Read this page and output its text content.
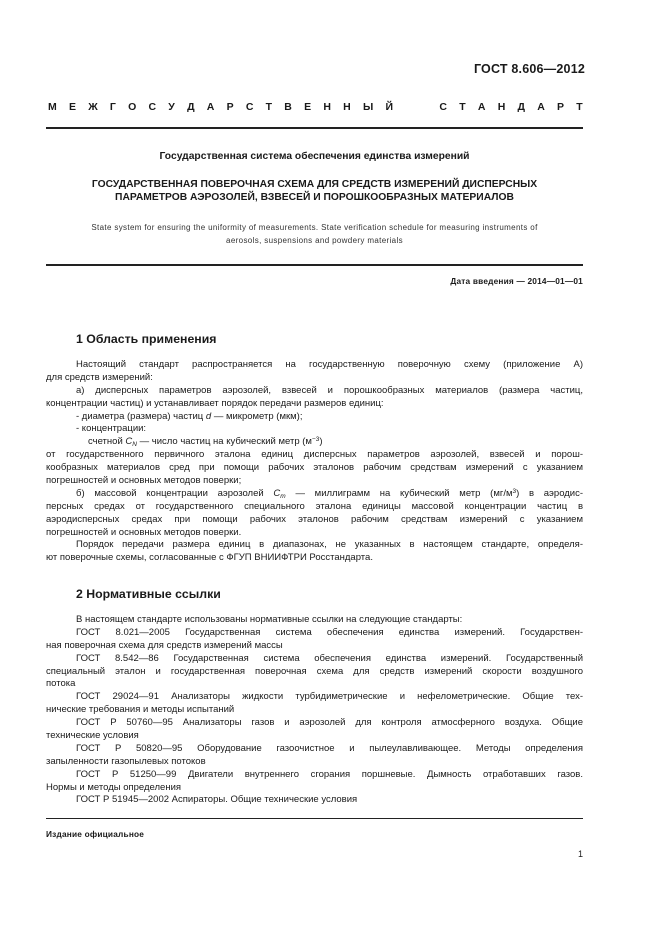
ГОСТ 8.606—2012
М Е Ж Г О С У Д А Р С Т В Е Н Н Ы Й	С Т А Н Д А Р Т
Государственная система обеспечения единства измерений
ГОСУДАРСТВЕННАЯ ПОВЕРОЧНАЯ СХЕМА ДЛЯ СРЕДСТВ ИЗМЕРЕНИЙ ДИСПЕРСНЫХ
ПАРАМЕТРОВ АЭРОЗОЛЕЙ, ВЗВЕСЕЙ И ПОРОШКООБРАЗНЫХ МАТЕРИАЛОВ
State system for ensuring the uniformity of measurements. State verification schedule for measuring instruments of
aerosols, suspensions and powdery materials
Дата введения — 2014—01—01
1 Область применения
Настоящий стандарт распространяется на государственную поверочную схему (приложение А)
для средств измерений:
а) дисперсных параметров аэрозолей, взвесей и порошкообразных материалов (размера частиц,
концентрации частиц) и устанавливает порядок передачи размеров единиц:
- диаметра (размера) частиц d — микрометр (мкм);
- концентрации:
счетной $C_N$ — число частиц на кубический метр $(м^{-3})$
от государственного первичного эталона единиц дисперсных параметров аэрозолей, взвесей и порош-
кообразных материалов сред при помощи рабочих эталонов рабочим средствам измерений с указанием
погрешностей и основных методов поверки;
б) массовой концентрации аэрозолей $C_m$ — миллиграмм на кубический метр $(мг/м^3)$ в аэродис-
персных средах от государственного специального эталона единицы массовой концентрации частиц в
аэродисперсных средах при помощи рабочих эталонов рабочим средствам измерений с указанием
погрешностей и основных методов поверки.
Порядок передачи размера единиц в диапазонах, не указанных в настоящем стандарте, определя-
ют поверочные схемы, согласованные с ФГУП ВНИИФТРИ Росстандарта.
2 Нормативные ссылки
В настоящем стандарте использованы нормативные ссылки на следующие стандарты:
ГОСТ 8.021—2005 Государственная система обеспечения единства измерений. Государствен-
ная поверочная схема для средств измерений массы
ГОСТ 8.542—86 Государственная система обеспечения единства измерений. Государственный
специальный эталон и государственная поверочная схема для средств измерений скорости воздушного
потока
ГОСТ 29024—91 Анализаторы жидкости турбидиметрические и нефелометрические. Общие тех-
нические требования и методы испытаний
ГОСТ Р 50760—95 Анализаторы газов и аэрозолей для контроля атмосферного воздуха. Общие
технические условия
ГОСТ Р 50820—95 Оборудование газоочистное и пылеулавливающее. Методы определения
запыленности газопылевых потоков
ГОСТ Р 51250—99 Двигатели внутреннего сгорания поршневые. Дымность отработавших газов.
Нормы и методы определения
ГОСТ Р 51945—2002 Аспираторы. Общие технические условия
Издание официальное
1
